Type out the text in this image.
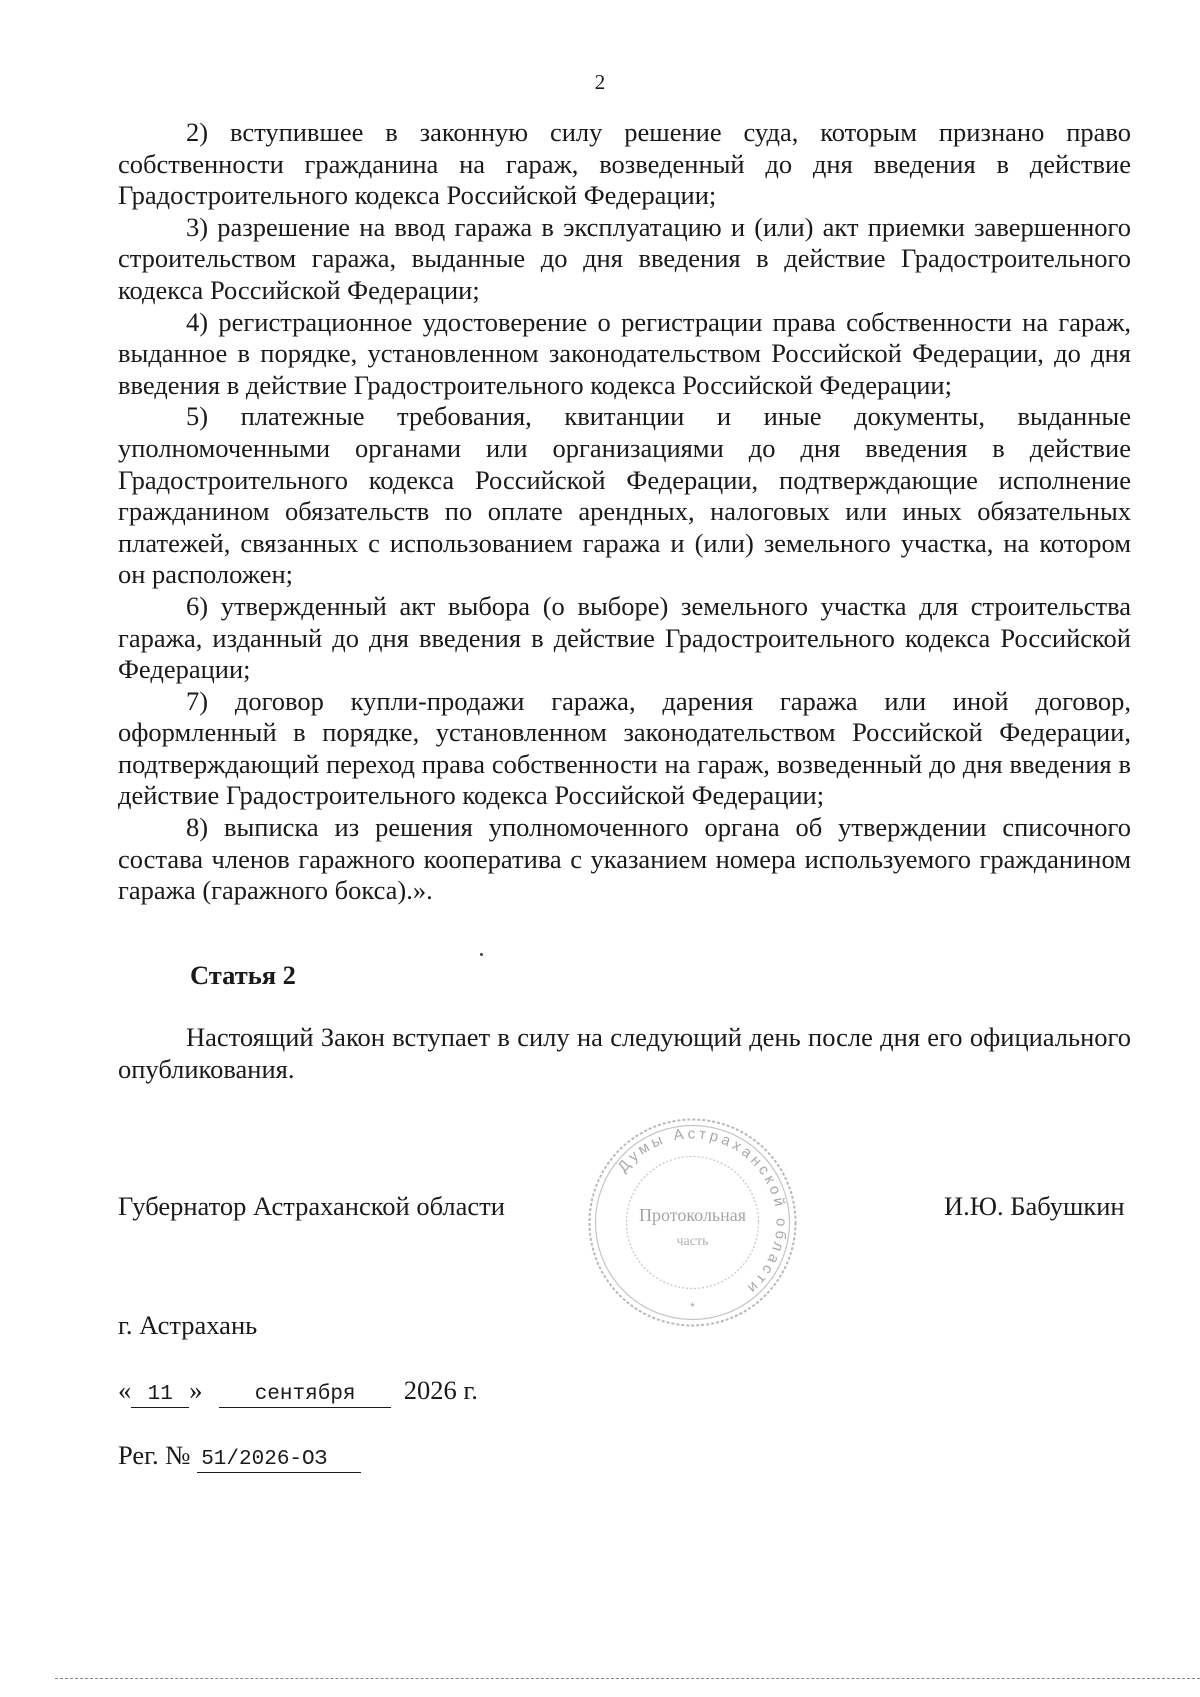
2

2) вступившее в законную силу решение суда, которым признано право собственности гражданина на гараж, возведенный до дня введения в действие Градостроительного кодекса Российской Федерации;

3) разрешение на ввод гаража в эксплуатацию и (или) акт приемки завершенного строительством гаража, выданные до дня введения в действие Градостроительного кодекса Российской Федерации;

4) регистрационное удостоверение о регистрации права собственности на гараж, выданное в порядке, установленном законодательством Российской Федерации, до дня введения в действие Градостроительного кодекса Российской Федерации;

5) платежные требования, квитанции и иные документы, выданные уполномоченными органами или организациями до дня введения в действие Градостроительного кодекса Российской Федерации, подтверждающие исполнение гражданином обязательств по оплате арендных, налоговых или иных обязательных платежей, связанных с использованием гаража и (или) земельного участка, на котором он расположен;

6) утвержденный акт выбора (о выборе) земельного участка для строительства гаража, изданный до дня введения в действие Градостроительного кодекса Российской Федерации;

7) договор купли-продажи гаража, дарения гаража или иной договор, оформленный в порядке, установленном законодательством Российской Федерации, подтверждающий переход права собственности на гараж, возведенный до дня введения в действие Градостроительного кодекса Российской Федерации;

8) выписка из решения уполномоченного органа об утверждении списочного состава членов гаражного кооператива с указанием номера используемого гражданином гаража (гаражного бокса).».

Статья 2

Настоящий Закон вступает в силу на следующий день после дня его официального опубликования.

Губернатор Астраханской области
Думы Астраханской области
Протокольная
часть
*
И.Ю. Бабушкин
г. Астрахань
« 11 » сентября 2026 г.
Рег. № 51/2026-ОЗ
